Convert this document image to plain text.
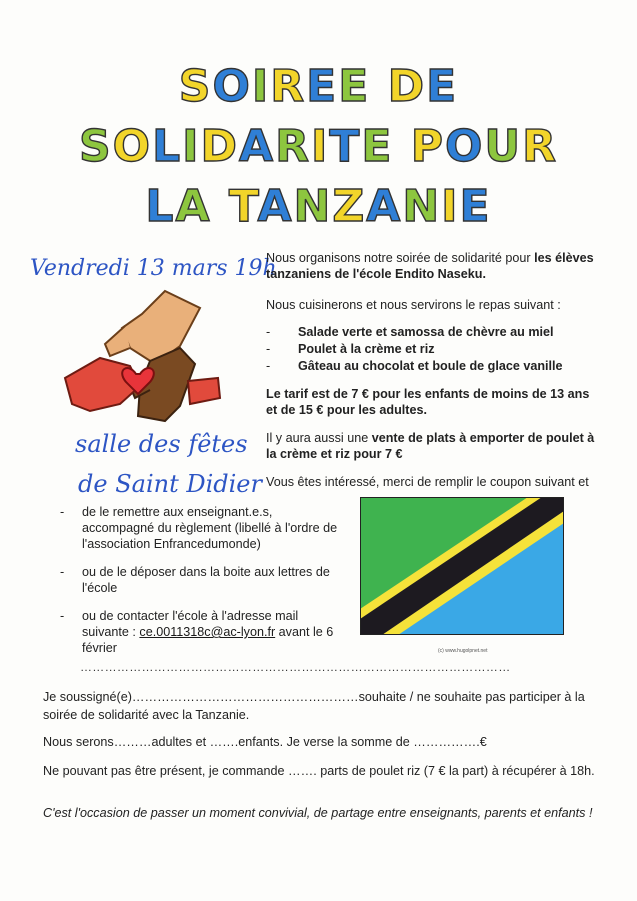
SOIREE DE
SOLIDARITE POUR
LA TANZANIE
Vendredi 13 mars 19h
salle des fêtes
de Saint Didier

Nous organisons notre soirée de solidarité pour les élèves tanzaniens de l'école Endito Naseku.

Nous cuisinerons et nous servirons le repas suivant :
-	Salade verte et samossa de chèvre au miel
-	Poulet à la crème et riz
-	Gâteau au chocolat et boule de glace vanille
Le tarif est de 7 € pour les enfants de moins de 13 ans et de 15 € pour les adultes.

Il y aura aussi une vente de plats à emporter de poulet à la crème et riz pour 7 €

Vous êtes intéressé, merci de remplir le coupon suivant et
-	de le remettre aux enseignant.e.s, accompagné du règlement (libellé à l'ordre de l'association Enfrancedumonde)
-	ou de le déposer dans la boite aux lettres de l'école
-	ou de contacter l'école à l'adresse mail suivante : ce.0011318c@ac-lyon.fr avant le 6 février	(c) www.hugolpnet.net
……………………………………………………………………………………………
Je soussigné(e)………………………………………………souhaite / ne souhaite pas participer à la soirée de solidarité avec la Tanzanie.
Nous serons………adultes et …….enfants. Je verse la somme de …………….€
Ne pouvant pas être présent, je commande ……. parts de poulet riz (7 € la part) à récupérer à 18h.
C'est l'occasion de passer un moment convivial, de partage entre enseignants, parents et enfants !
